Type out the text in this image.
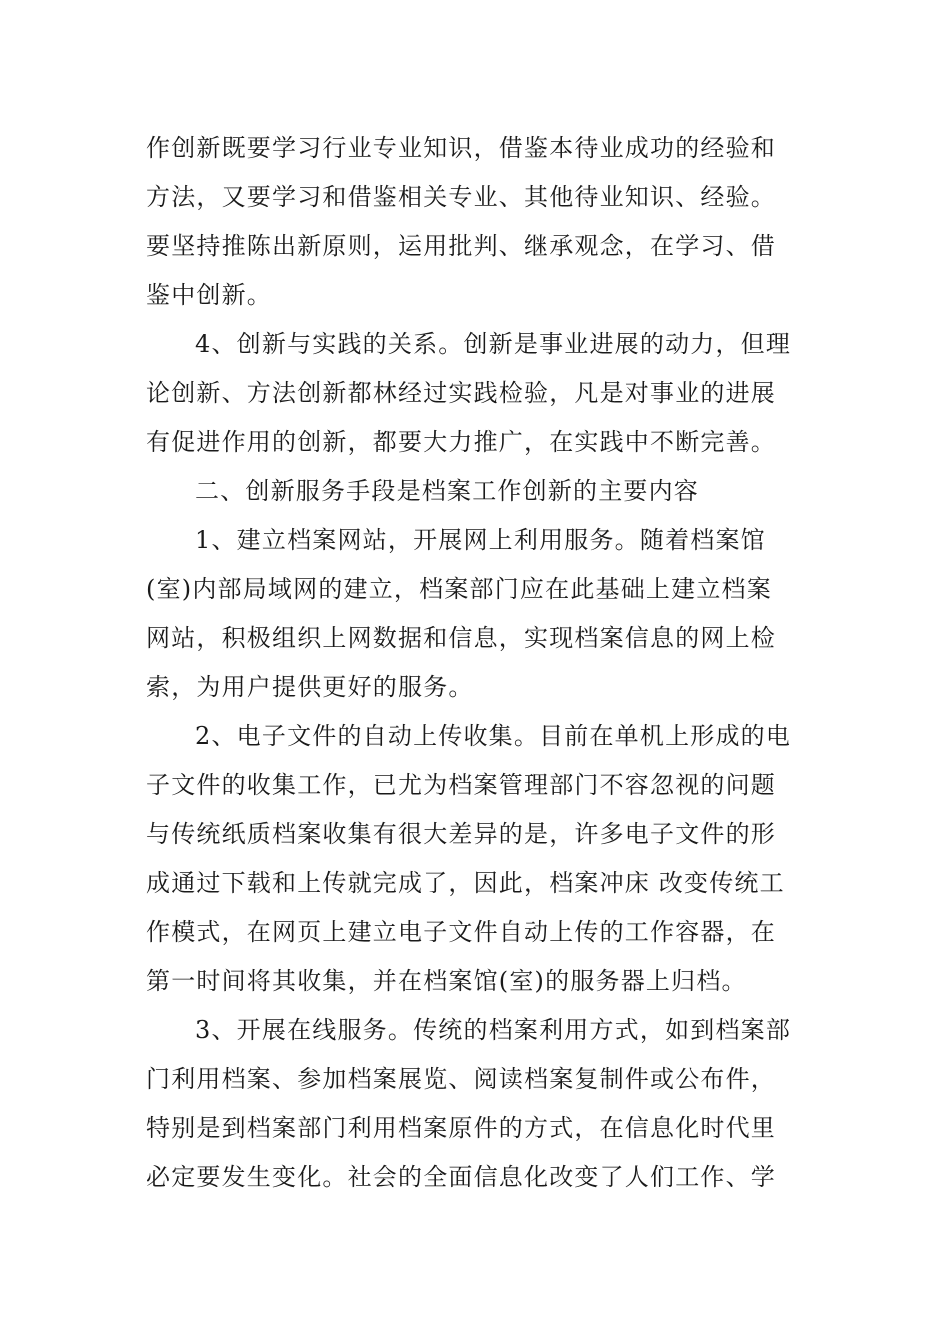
作创新既要学习行业专业知识，借鉴本待业成功的经验和
方法，又要学习和借鉴相关专业、其他待业知识、经验。
要坚持推陈出新原则，运用批判、继承观念，在学习、借
鉴中创新。
4、创新与实践的关系。创新是事业进展的动力，但理
论创新、方法创新都林经过实践检验，凡是对事业的进展
有促进作用的创新，都要大力推广，在实践中不断完善。
二、创新服务手段是档案工作创新的主要内容
1、建立档案网站，开展网上利用服务。随着档案馆
(室)内部局域网的建立，档案部门应在此基础上建立档案
网站，积极组织上网数据和信息，实现档案信息的网上检
索，为用户提供更好的服务。
2、电子文件的自动上传收集。目前在单机上形成的电
子文件的收集工作，已尤为档案管理部门不容忽视的问题
与传统纸质档案收集有很大差异的是，许多电子文件的形
成通过下载和上传就完成了，因此，档案冲床 改变传统工
作模式，在网页上建立电子文件自动上传的工作容器，在
第一时间将其收集，并在档案馆(室)的服务器上归档。
3、开展在线服务。传统的档案利用方式，如到档案部
门利用档案、参加档案展览、阅读档案复制件或公布件，
特别是到档案部门利用档案原件的方式，在信息化时代里
必定要发生变化。社会的全面信息化改变了人们工作、学
